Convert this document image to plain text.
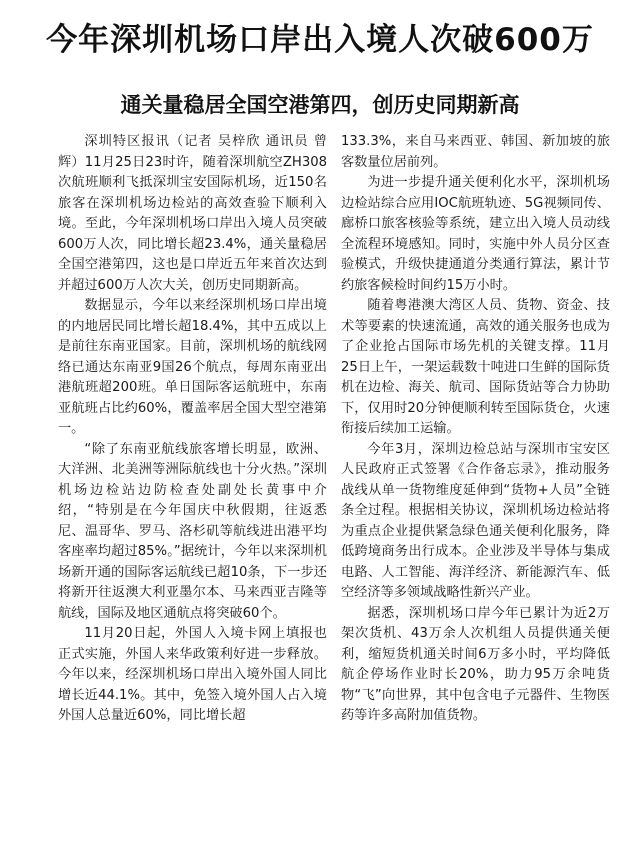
今年深圳机场口岸出入境人次破600万
通关量稳居全国空港第四，创历史同期新高

深圳特区报讯（记者 吴梓欣 通讯员 曾辉）11月25日23时许，随着深圳航空ZH308次航班顺利飞抵深圳宝安国际机场，近150名旅客在深圳机场边检站的高效查验下顺利入境。至此，今年深圳机场口岸出入境人员突破600万人次，同比增长超23.4%，通关量稳居全国空港第四，这也是口岸近五年来首次达到并超过600万人次大关，创历史同期新高。

数据显示，今年以来经深圳机场口岸出境的内地居民同比增长超18.4%，其中五成以上是前往东南亚国家。目前，深圳机场的航线网络已通达东南亚9国26个航点，每周东南亚出港航班超200班。单日国际客运航班中，东南亚航班占比约60%，覆盖率居全国大型空港第一。

“除了东南亚航线旅客增长明显，欧洲、大洋洲、北美洲等洲际航线也十分火热。”深圳机场边检站边防检查处副处长黄事中介绍，“特别是在今年国庆中秋假期，往返悉尼、温哥华、罗马、洛杉矶等航线进出港平均客座率均超过85%。”据统计，今年以来深圳机场新开通的国际客运航线已超10条，下一步还将新开往返澳大利亚墨尔本、马来西亚吉隆等航线，国际及地区通航点将突破60个。

11月20日起，外国人入境卡网上填报也正式实施，外国人来华政策利好进一步释放。今年以来，经深圳机场口岸出入境外国人同比增长近44.1%。其中，免签入境外国人占入境外国人总量近60%，同比增长超

133.3%，来自马来西亚、韩国、新加坡的旅客数量位居前列。

为进一步提升通关便利化水平，深圳机场边检站综合应用IOC航班轨迹、5G视频同传、廊桥口旅客核验等系统，建立出入境人员动线全流程环境感知。同时，实施中外人员分区查验模式，升级快捷通道分类通行算法，累计节约旅客候检时间约15万小时。

随着粤港澳大湾区人员、货物、资金、技术等要素的快速流通，高效的通关服务也成为了企业抢占国际市场先机的关键支撑。11月25日上午，一架运载数十吨进口生鲜的国际货机在边检、海关、航司、国际货站等合力协助下，仅用时20分钟便顺利转至国际货仓，火速衔接后续加工运输。

今年3月，深圳边检总站与深圳市宝安区人民政府正式签署《合作备忘录》，推动服务战线从单一货物维度延伸到“货物+人员”全链条全过程。根据相关协议，深圳机场边检站将为重点企业提供紧急绿色通关便利化服务，降低跨境商务出行成本。企业涉及半导体与集成电路、人工智能、海洋经济、新能源汽车、低空经济等多领域战略性新兴产业。

据悉，深圳机场口岸今年已累计为近2万架次货机、43万余人次机组人员提供通关便利，缩短货机通关时间6万多小时，平均降低航企停场作业时长20%，助力95万余吨货物“飞”向世界，其中包含电子元器件、生物医药等许多高附加值货物。
